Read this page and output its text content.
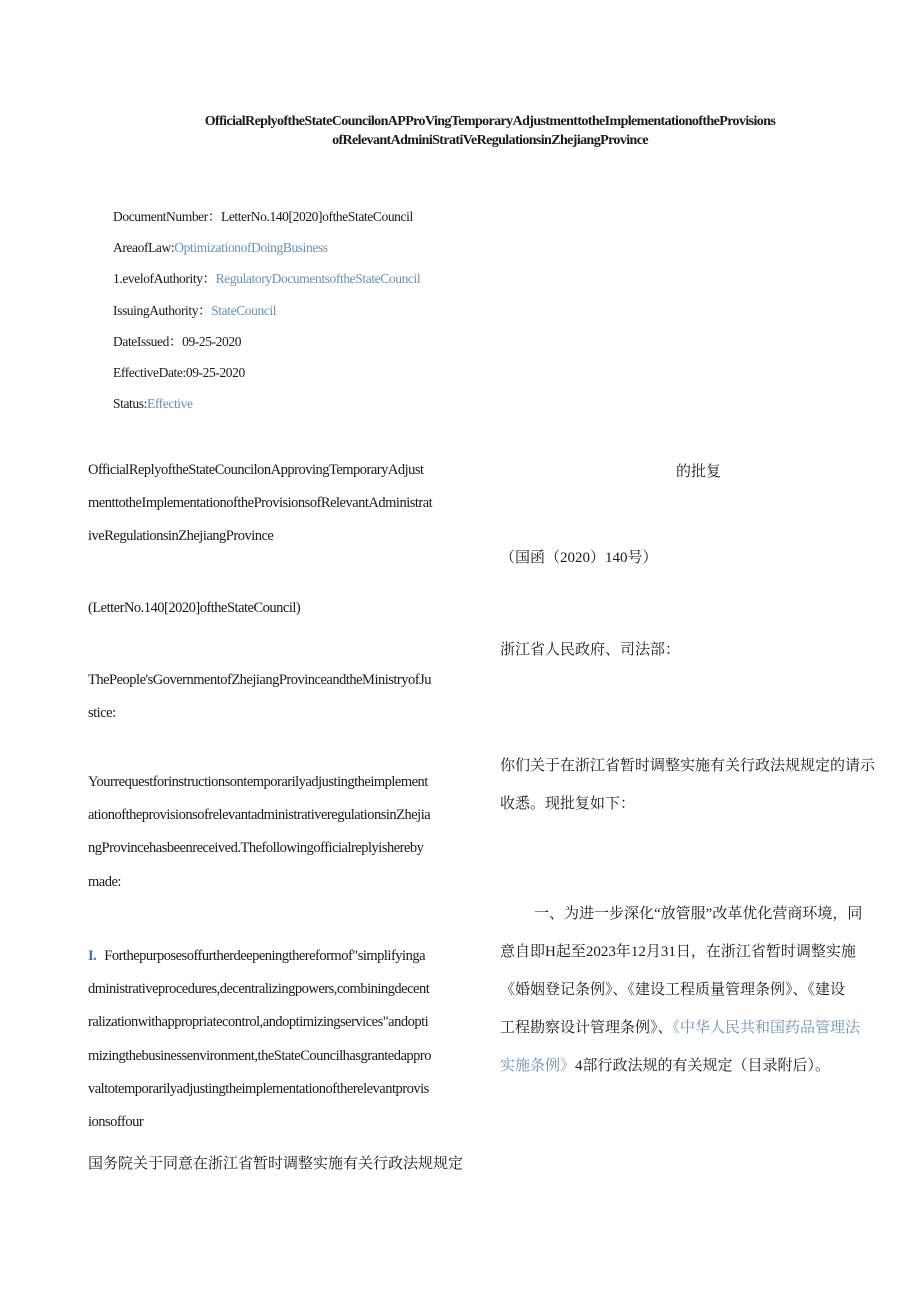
OfficialReplyoftheStateCouncilonAPProVingTemporaryAdjustmenttotheImplementationoftheProvisions
ofRelevantAdminiStratiVeRegulationsinZhejiangProvince
DocumentNumber：LetterNo.140[2020]oftheStateCouncil
AreaofLaw:OptimizationofDoingBusiness
1.evelofAuthority：RegulatoryDocumentsoftheStateCouncil
IssuingAuthority：StateCouncil
DateIssued：09-25-2020
EffectiveDate:09-25-2020
Status:Effective
OfficialReplyoftheStateCouncilonApprovingTemporaryAdjust
menttotheImplementationoftheProvisionsofRelevantAdministrat
iveRegulationsinZhejiangProvince
(LetterNo.140[2020]oftheStateCouncil)
ThePeople'sGovernmentofZhejiangProvinceandtheMinistryofJu
stice:
Yourrequestforinstructionsontemporarilyadjustingtheimplement
ationoftheprovisionsofrelevantadministrativeregulationsinZhejia
ngProvincehasbeenreceived.Thefollowingofficialreplyishereby
made:
I. Forthepurposesoffurtherdeepeningthereformof"simplifyinga
dministrativeprocedures,decentralizingpowers,combiningdecent
ralizationwithappropriatecontrol,andoptimizingservices"andopti
mizingthebusinessenvironment,theStateCouncilhasgrantedappro
valtotemporarilyadjustingtheimplementationoftherelevantprovis
ionsoffour
国务院关于同意在浙江省暂时调整实施有关行政法规规定
的批复
（国函（2020）140号）
浙江省人民政府、司法部：
你们关于在浙江省暂时调整实施有关行政法规规定的请示
收悉。现批复如下：
一、为进一步深化“放管服”改革优化营商环境，同
意自即H起至2023年12月31日，在浙江省暂时调整实施
《婚姻登记条例》、《建设工程质量管理条例》、《建设
工程勘察设计管理条例》、《中华人民共和国药品管理法
实施条例》4部行政法规的有关规定（目录附后）。
